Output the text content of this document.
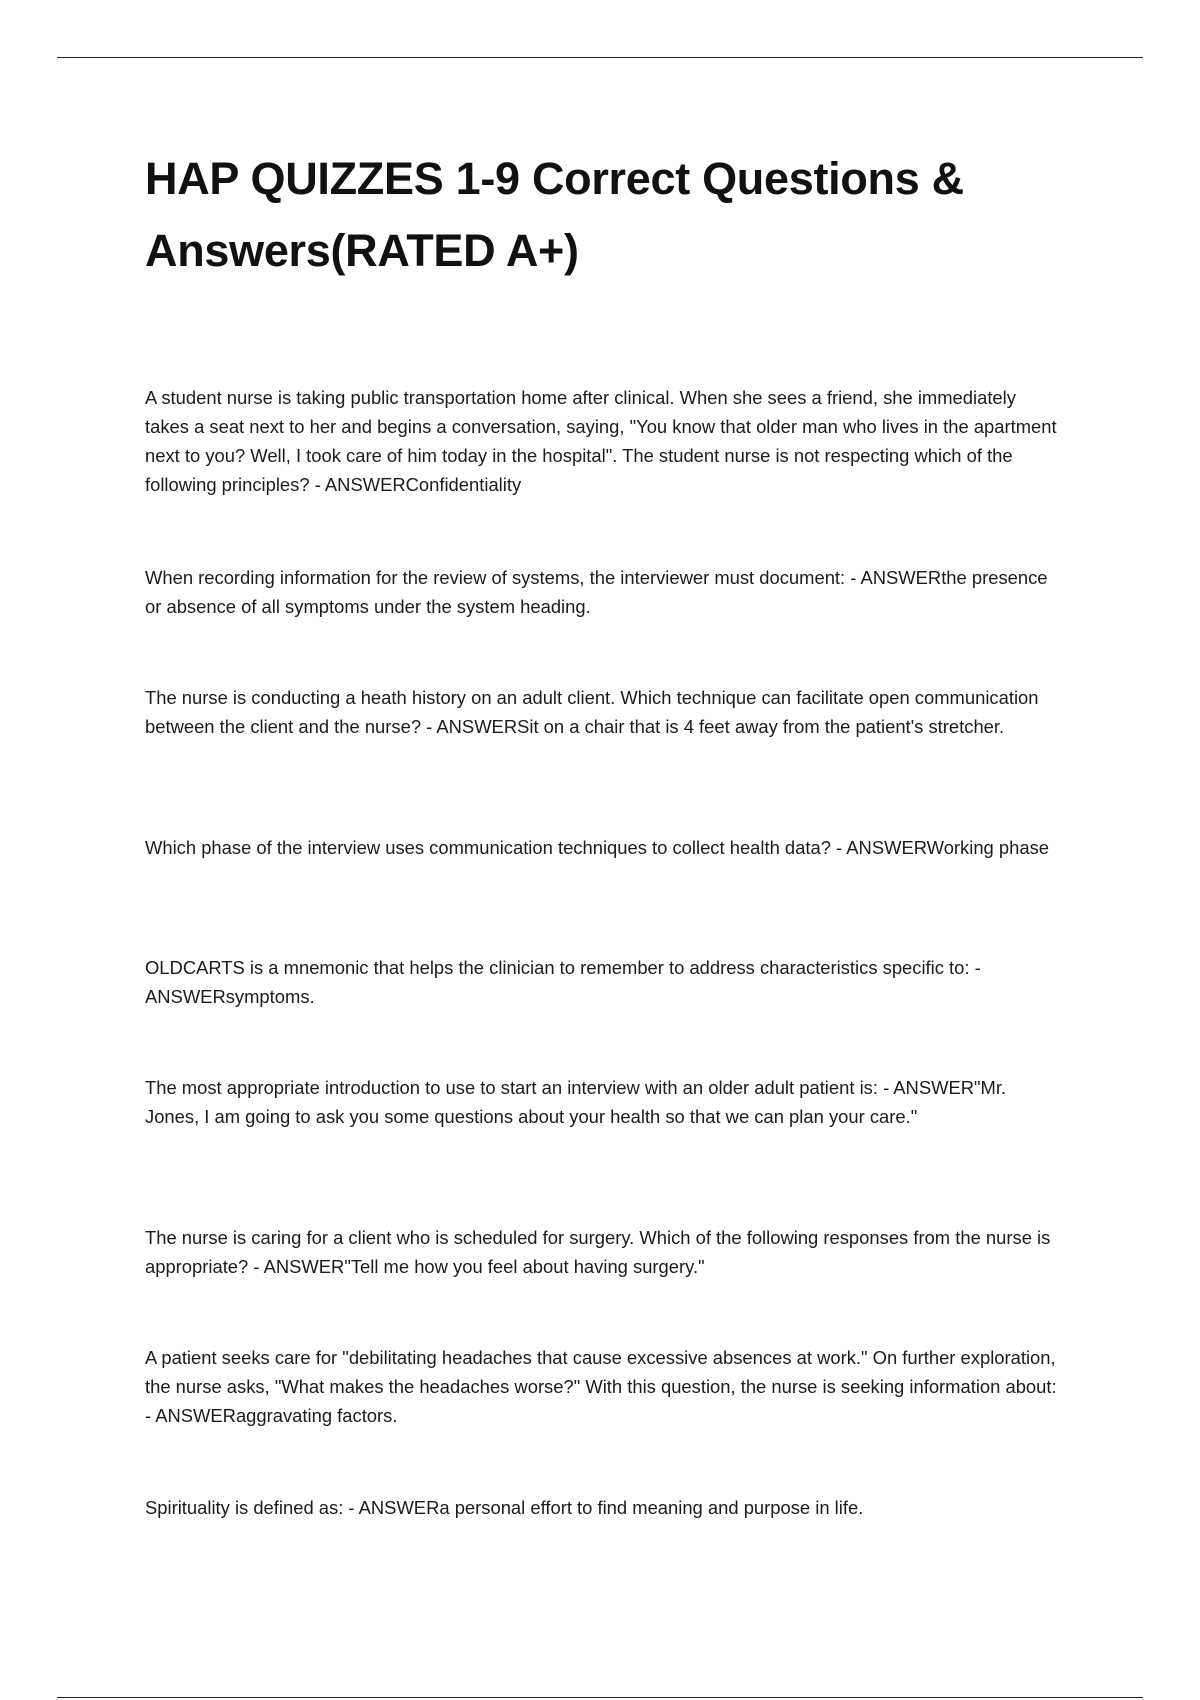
HAP QUIZZES 1-9 Correct Questions & Answers(RATED A+)

A student nurse is taking public transportation home after clinical. When she sees a friend, she immediately takes a seat next to her and begins a conversation, saying, "You know that older man who lives in the apartment next to you? Well, I took care of him today in the hospital". The student nurse is not respecting which of the following principles? - ANSWERConfidentiality

When recording information for the review of systems, the interviewer must document: - ANSWERthe presence or absence of all symptoms under the system heading.

The nurse is conducting a heath history on an adult client. Which technique can facilitate open communication between the client and the nurse? - ANSWERSit on a chair that is 4 feet away from the patient's stretcher.

Which phase of the interview uses communication techniques to collect health data? - ANSWERWorking phase

OLDCARTS is a mnemonic that helps the clinician to remember to address characteristics specific to: - ANSWERsymptoms.

The most appropriate introduction to use to start an interview with an older adult patient is: - ANSWER"Mr. Jones, I am going to ask you some questions about your health so that we can plan your care."

The nurse is caring for a client who is scheduled for surgery. Which of the following responses from the nurse is appropriate? - ANSWER"Tell me how you feel about having surgery."

A patient seeks care for "debilitating headaches that cause excessive absences at work." On further exploration, the nurse asks, "What makes the headaches worse?" With this question, the nurse is seeking information about: - ANSWERaggravating factors.

Spirituality is defined as: - ANSWERa personal effort to find meaning and purpose in life.
